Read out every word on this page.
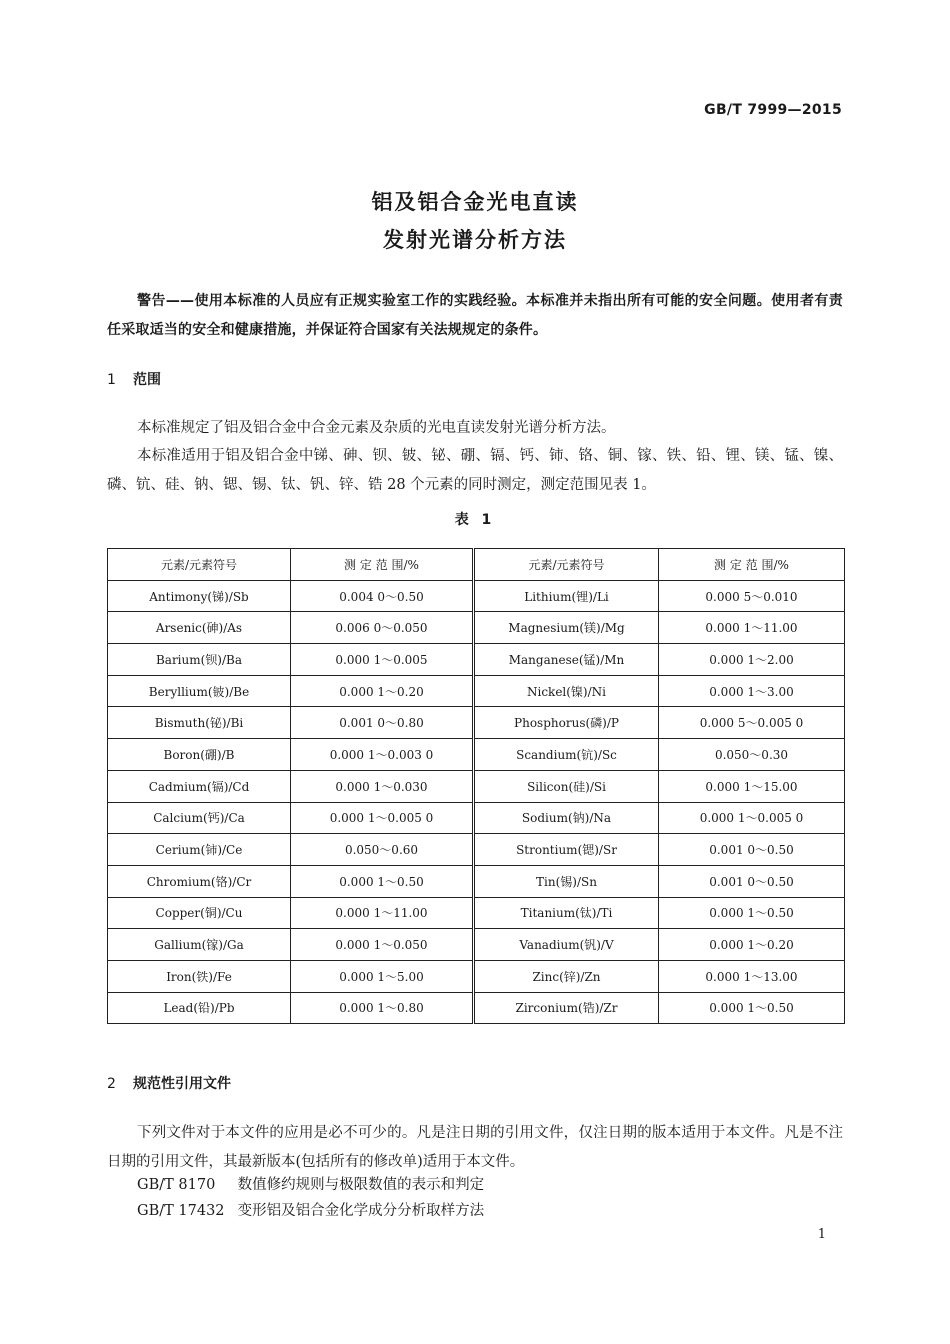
GB/T 7999—2015
铝及铝合金光电直读
发射光谱分析方法

警告——使用本标准的人员应有正规实验室工作的实践经验。本标准并未指出所有可能的安全问题。使用者有责任采取适当的安全和健康措施，并保证符合国家有关法规规定的条件。

1 范围

本标准规定了铝及铝合金中合金元素及杂质的光电直读发射光谱分析方法。

本标准适用于铝及铝合金中锑、砷、钡、铍、铋、硼、镉、钙、铈、铬、铜、镓、铁、铅、锂、镁、锰、镍、磷、钪、硅、钠、锶、锡、钛、钒、锌、锆 28 个元素的同时测定，测定范围见表 1。

表 1
元素/元素符号	测 定 范 围/%	元素/元素符号	测 定 范 围/%
Antimony(锑)/Sb	0.004 0～0.50	Lithium(锂)/Li	0.000 5～0.010
Arsenic(砷)/As	0.006 0～0.050	Magnesium(镁)/Mg	0.000 1～11.00
Barium(钡)/Ba	0.000 1～0.005	Manganese(锰)/Mn	0.000 1～2.00
Beryllium(铍)/Be	0.000 1～0.20	Nickel(镍)/Ni	0.000 1～3.00
Bismuth(铋)/Bi	0.001 0～0.80	Phosphorus(磷)/P	0.000 5～0.005 0
Boron(硼)/B	0.000 1～0.003 0	Scandium(钪)/Sc	0.050～0.30
Cadmium(镉)/Cd	0.000 1～0.030	Silicon(硅)/Si	0.000 1～15.00
Calcium(钙)/Ca	0.000 1～0.005 0	Sodium(钠)/Na	0.000 1～0.005 0
Cerium(铈)/Ce	0.050～0.60	Strontium(锶)/Sr	0.001 0～0.50
Chromium(铬)/Cr	0.000 1～0.50	Tin(锡)/Sn	0.001 0～0.50
Copper(铜)/Cu	0.000 1～11.00	Titanium(钛)/Ti	0.000 1～0.50
Gallium(镓)/Ga	0.000 1～0.050	Vanadium(钒)/V	0.000 1～0.20
Iron(铁)/Fe	0.000 1～5.00	Zinc(锌)/Zn	0.000 1～13.00
Lead(铅)/Pb	0.000 1～0.80	Zirconium(锆)/Zr	0.000 1～0.50
2 规范性引用文件

下列文件对于本文件的应用是必不可少的。凡是注日期的引用文件，仅注日期的版本适用于本文件。凡是不注日期的引用文件，其最新版本(包括所有的修改单)适用于本文件。

GB/T 8170 数值修约规则与极限数值的表示和判定
GB/T 17432 变形铝及铝合金化学成分分析取样方法
1
